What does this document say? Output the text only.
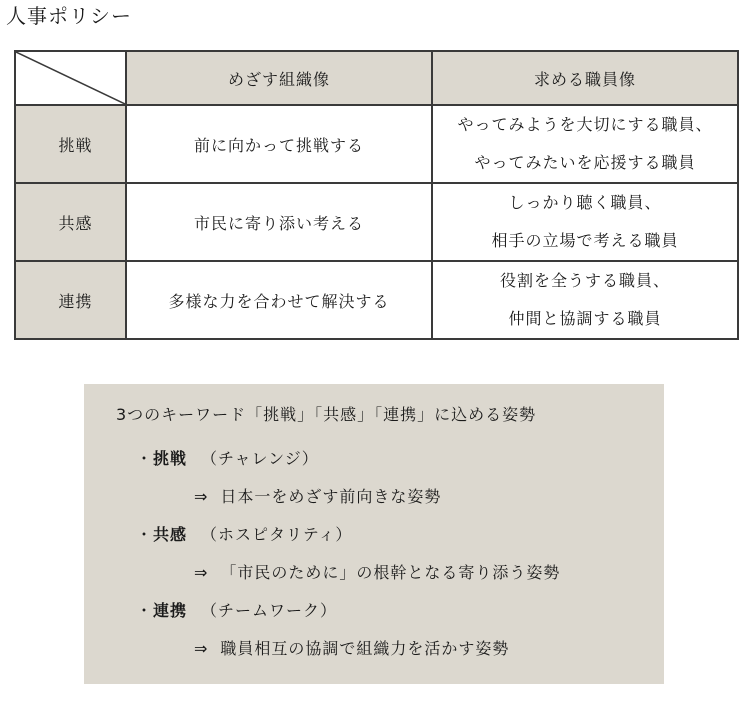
人事ポリシー
	めざす組織像	求める職員像
挑戦	前に向かって挑戦する	やってみようを大切にする職員、
やってみたいを応援する職員

共感	市民に寄り添い考える	しっかり聴く職員、
相手の立場で考える職員

連携	多様な力を合わせて解決する	役割を全うする職員、
仲間と協調する職員
3つのキーワード「挑戦」「共感」「連携」に込める姿勢
・挑戦 （チャレンジ）
⇒ 日本一をめざす前向きな姿勢
・共感 （ホスピタリティ）
⇒ 「市民のために」の根幹となる寄り添う姿勢
・連携 （チームワーク）
⇒ 職員相互の協調で組織力を活かす姿勢
